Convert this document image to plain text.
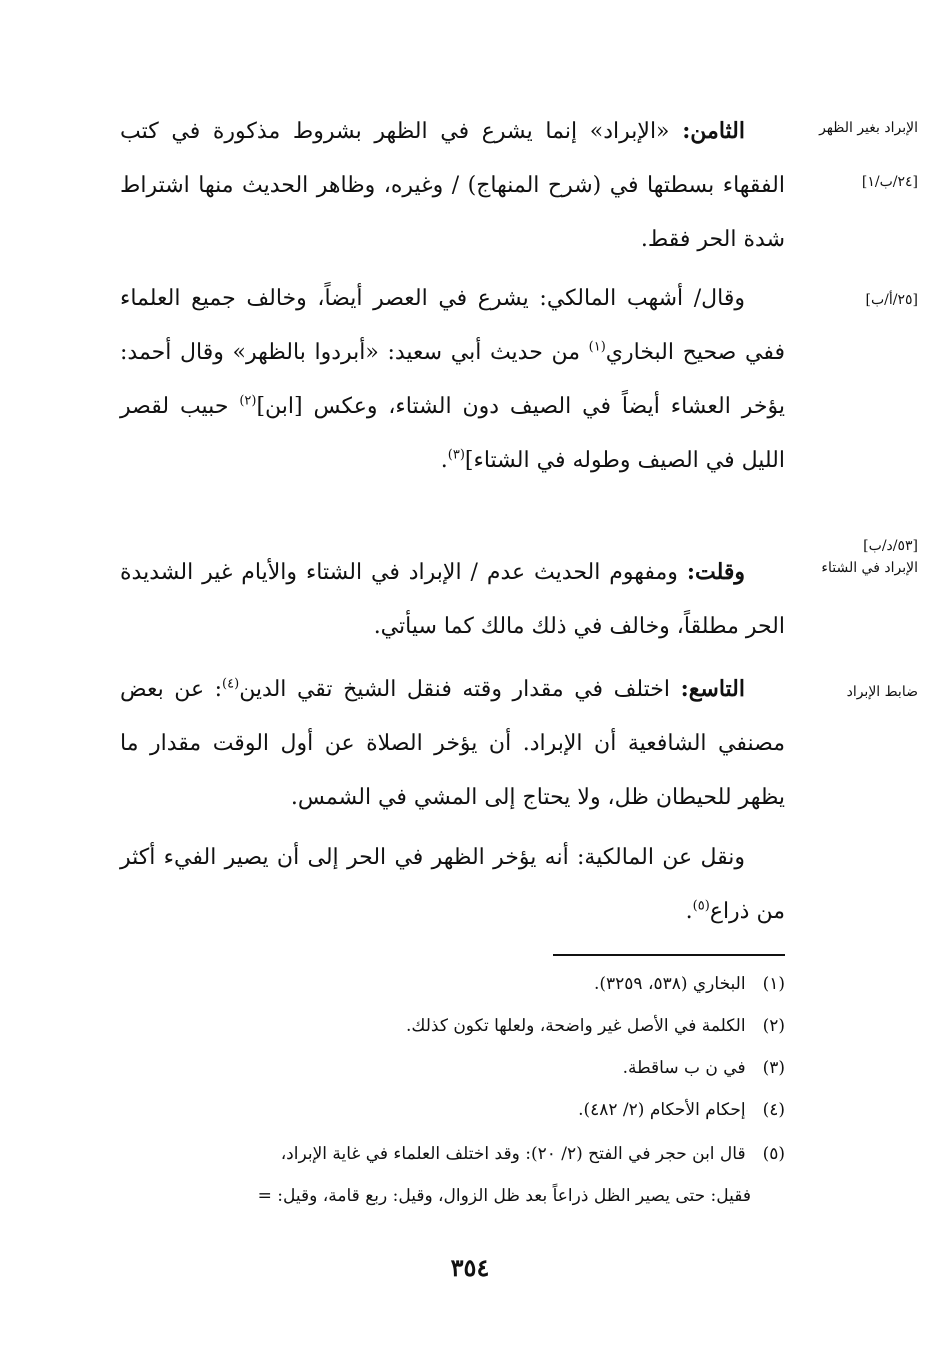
الإبراد بغير الظهر
[٢٤/ب/١]
[٢٥/أ/ب]
[٥٣/د/ب]
الإبراد في الشتاء
ضابط الإبراد
الثامن: «الإبراد» إنما يشرع في الظهر بشروط مذكورة في كتب الفقهاء بسطتها في (شرح المنهاج) / وغيره، وظاهر الحديث منها اشتراط شدة الحر فقط.
وقال/ أشهب المالكي: يشرع في العصر أيضاً، وخالف جميع العلماء ففي صحيح البخاري$^{(١)}$ من حديث أبي سعيد: «أبردوا بالظهر» وقال أحمد: يؤخر العشاء أيضاً في الصيف دون الشتاء، وعكس [ابن]$^{(٢)}$ حبيب لقصر الليل في الصيف وطوله في الشتاء]$^{(٣)}$.
وقلت: ومفهوم الحديث عدم / الإبراد في الشتاء والأيام غير الشديدة الحر مطلقاً، وخالف في ذلك مالك كما سيأتي.
التاسع: اختلف في مقدار وقته فنقل الشيخ تقي الدين$^{(٤)}$: عن بعض مصنفي الشافعية أن الإبراد. أن يؤخر الصلاة عن أول الوقت مقدار ما يظهر للحيطان ظل، ولا يحتاج إلى المشي في الشمس.
ونقل عن المالكية: أنه يؤخر الظهر في الحر إلى أن يصير الفيء أكثر من ذراع$^{(٥)}$.
(١) البخاري (٥٣٨، ٣٢٥٩).
(٢) الكلمة في الأصل غير واضحة، ولعلها تكون كذلك.
(٣) في ن ب ساقطة.
(٤) إحكام الأحكام (٢/ ٤٨٢).
(٥) قال ابن حجر في الفتح (٢/ ٢٠): وقد اختلف العلماء في غاية الإبراد،
فقيل: حتى يصير الظل ذراعاً بعد ظل الزوال، وقيل: ربع قامة، وقيل: =
٣٥٤
